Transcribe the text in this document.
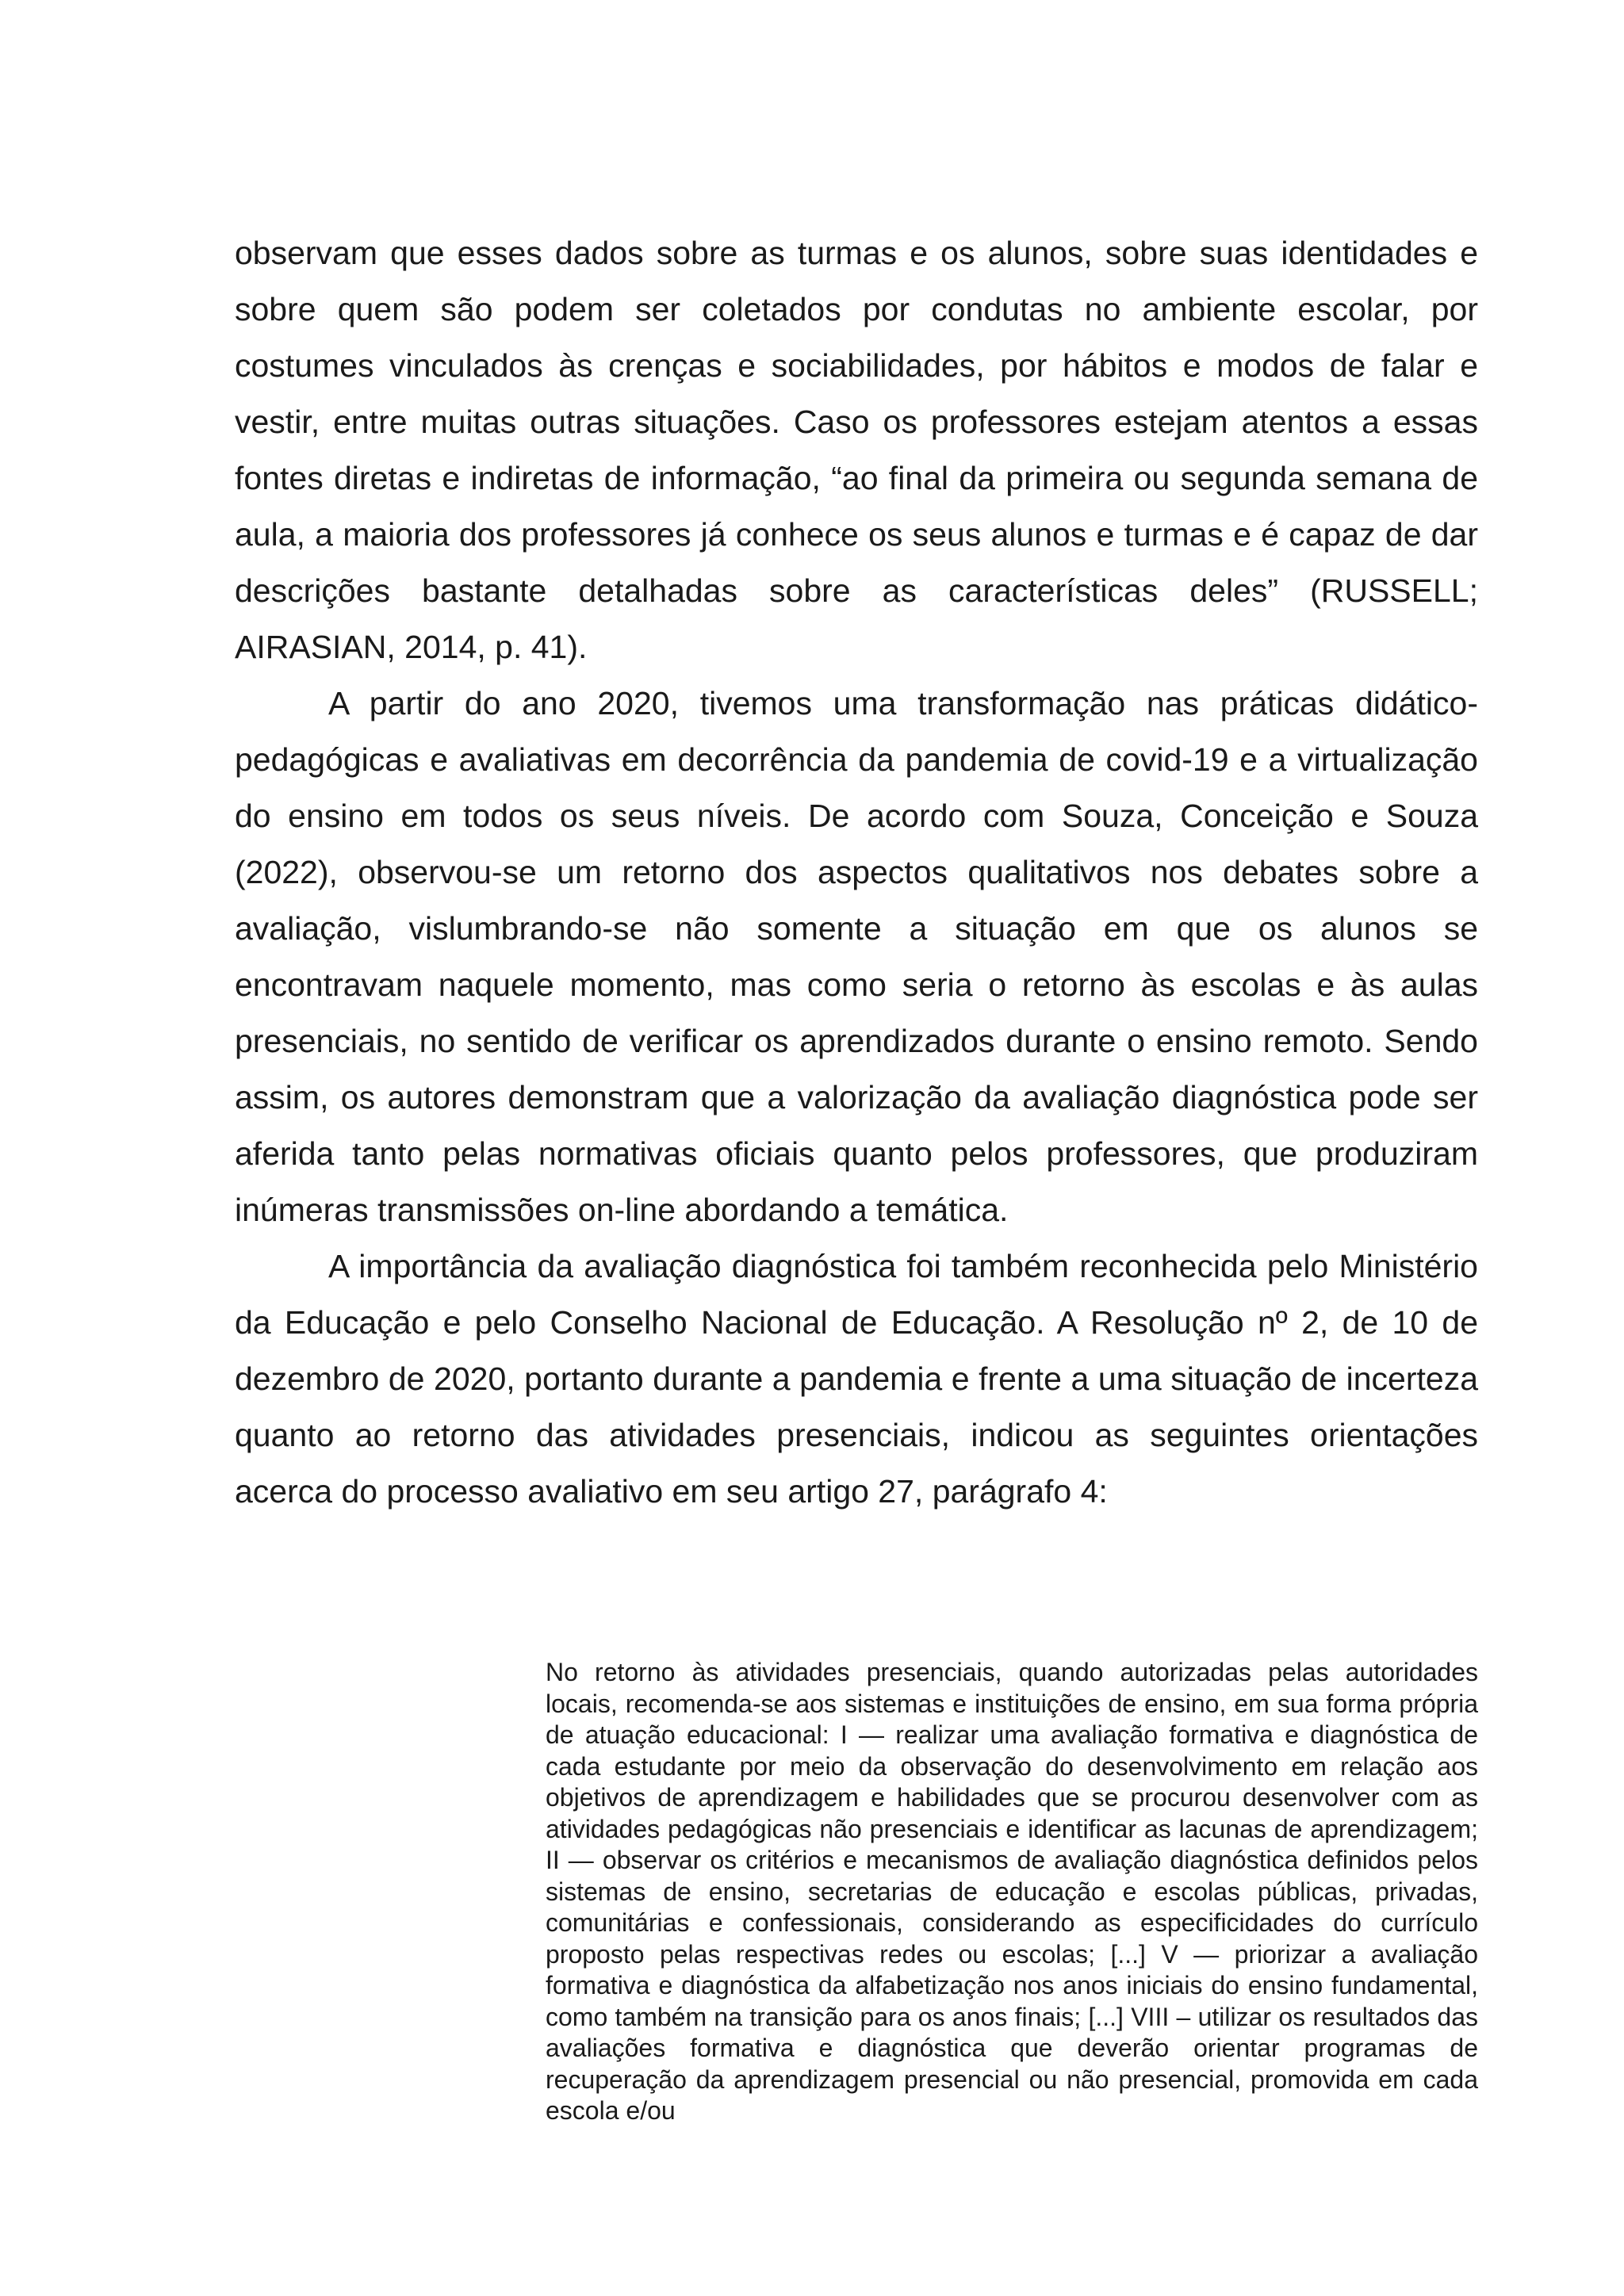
observam que esses dados sobre as turmas e os alunos, sobre suas identidades e sobre quem são podem ser coletados por condutas no ambiente escolar, por costumes vinculados às crenças e sociabilidades, por hábitos e modos de falar e vestir, entre muitas outras situações. Caso os professores estejam atentos a essas fontes diretas e indiretas de informação, “ao final da primeira ou segunda semana de aula, a maioria dos professores já conhece os seus alunos e turmas e é capaz de dar descrições bastante detalhadas sobre as características deles” (RUSSELL; AIRASIAN, 2014, p. 41).

A partir do ano 2020, tivemos uma transformação nas práticas didático-pedagógicas e avaliativas em decorrência da pandemia de covid-19 e a virtualização do ensino em todos os seus níveis. De acordo com Souza, Conceição e Souza (2022), observou-se um retorno dos aspectos qualitativos nos debates sobre a avaliação, vislumbrando-se não somente a situação em que os alunos se encontravam naquele momento, mas como seria o retorno às escolas e às aulas presenciais, no sentido de verificar os aprendizados durante o ensino remoto. Sendo assim, os autores demonstram que a valorização da avaliação diagnóstica pode ser aferida tanto pelas normativas oficiais quanto pelos professores, que produziram inúmeras transmissões on-line abordando a temática.

A importância da avaliação diagnóstica foi também reconhecida pelo Ministério da Educação e pelo Conselho Nacional de Educação. A Resolução nº 2, de 10 de dezembro de 2020, portanto durante a pandemia e frente a uma situação de incerteza quanto ao retorno das atividades presenciais, indicou as seguintes orientações acerca do processo avaliativo em seu artigo 27, parágrafo 4:

No retorno às atividades presenciais, quando autorizadas pelas autoridades locais, recomenda-se aos sistemas e instituições de ensino, em sua forma própria de atuação educacional: I — realizar uma avaliação formativa e diagnóstica de cada estudante por meio da observação do desenvolvimento em relação aos objetivos de aprendizagem e habilidades que se procurou desenvolver com as atividades pedagógicas não presenciais e identificar as lacunas de aprendizagem; II — observar os critérios e mecanismos de avaliação diagnóstica definidos pelos sistemas de ensino, secretarias de educação e escolas públicas, privadas, comunitárias e confessionais, considerando as especificidades do currículo proposto pelas respectivas redes ou escolas; [...] V — priorizar a avaliação formativa e diagnóstica da alfabetização nos anos iniciais do ensino fundamental, como também na transição para os anos finais; [...] VIII – utilizar os resultados das avaliações formativa e diagnóstica que deverão orientar programas de recuperação da aprendizagem presencial ou não presencial, promovida em cada escola e/ou
